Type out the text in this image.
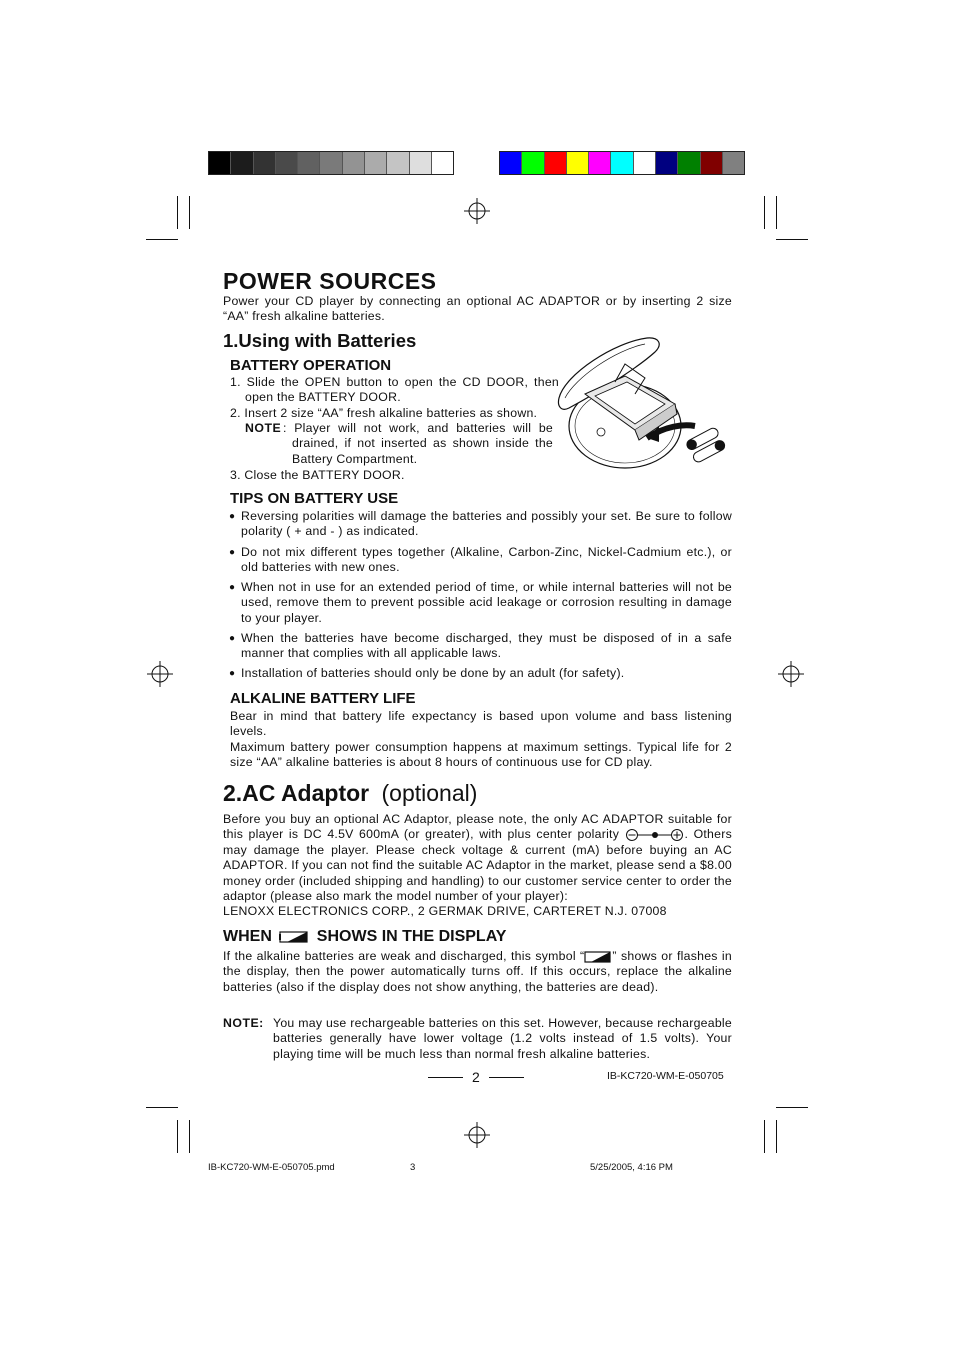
POWER SOURCES

Power your CD player by connecting an optional AC ADAPTOR or by inserting 2 size “AA” fresh alkaline batteries.

1.Using with Batteries
BATTERY OPERATION

1. Slide the OPEN button to open the CD DOOR, then open the BATTERY DOOR.

2. Insert 2 size “AA” fresh alkaline batteries as shown.

NOTE : Player will not work, and batteries will be drained, if not inserted as shown inside the Battery Compartment.

3. Close the BATTERY DOOR.

TIPS ON BATTERY USE
● Reversing polarities will damage the batteries and possibly your set. Be sure to follow polarity ( + and - ) as indicated.

● Do not mix different types together (Alkaline, Carbon-Zinc, Nickel-Cadmium etc.), or old batteries with new ones.

● When not in use for an extended period of time, or while internal batteries will not be used, remove them to prevent possible acid leakage or corrosion resulting in damage to your player.

● When the batteries have become discharged, they must be disposed of in a safe manner that complies with all applicable laws.

● Installation of batteries should only be done by an adult (for safety).

ALKALINE BATTERY LIFE

Bear in mind that battery life expectancy is based upon volume and bass listening levels.

Maximum battery power consumption happens at maximum settings. Typical life for 2 size “AA” alkaline batteries is about 8 hours of continuous use for CD play.

2.AC Adaptor (optional)
Before you buy an optional AC Adaptor, please note, the only AC ADAPTOR suitable for this player is DC 4.5V 600mA (or greater), with plus center polarity	. Others may damage the player. Please check voltage & current (mA) before buying an AC ADAPTOR. If you can not find the suitable AC Adaptor in the market, please send a $8.00 money order (included shipping and handling) to our customer service center to order the adaptor (please also mark the model number of your player):
LENOXX ELECTRONICS CORP., 2 GERMAK DRIVE, CARTERET N.J. 07008
WHEN	SHOWS IN THE DISPLAY
If the alkaline batteries are weak and discharged, this symbol “ ” shows or flashes in the display, then the power automatically turns off. If this occurs, replace the alkaline batteries (also if the display does not show anything, the batteries are dead).
NOTE: You may use rechargeable batteries on this set. However, because rechargeable batteries generally have lower voltage (1.2 volts instead of 1.5 volts). Your playing time will be much less than normal fresh alkaline batteries.

2	IB-KC720-WM-E-050705
IB-KC720-WM-E-050705.pmd	3	5/25/2005, 4:16 PM
